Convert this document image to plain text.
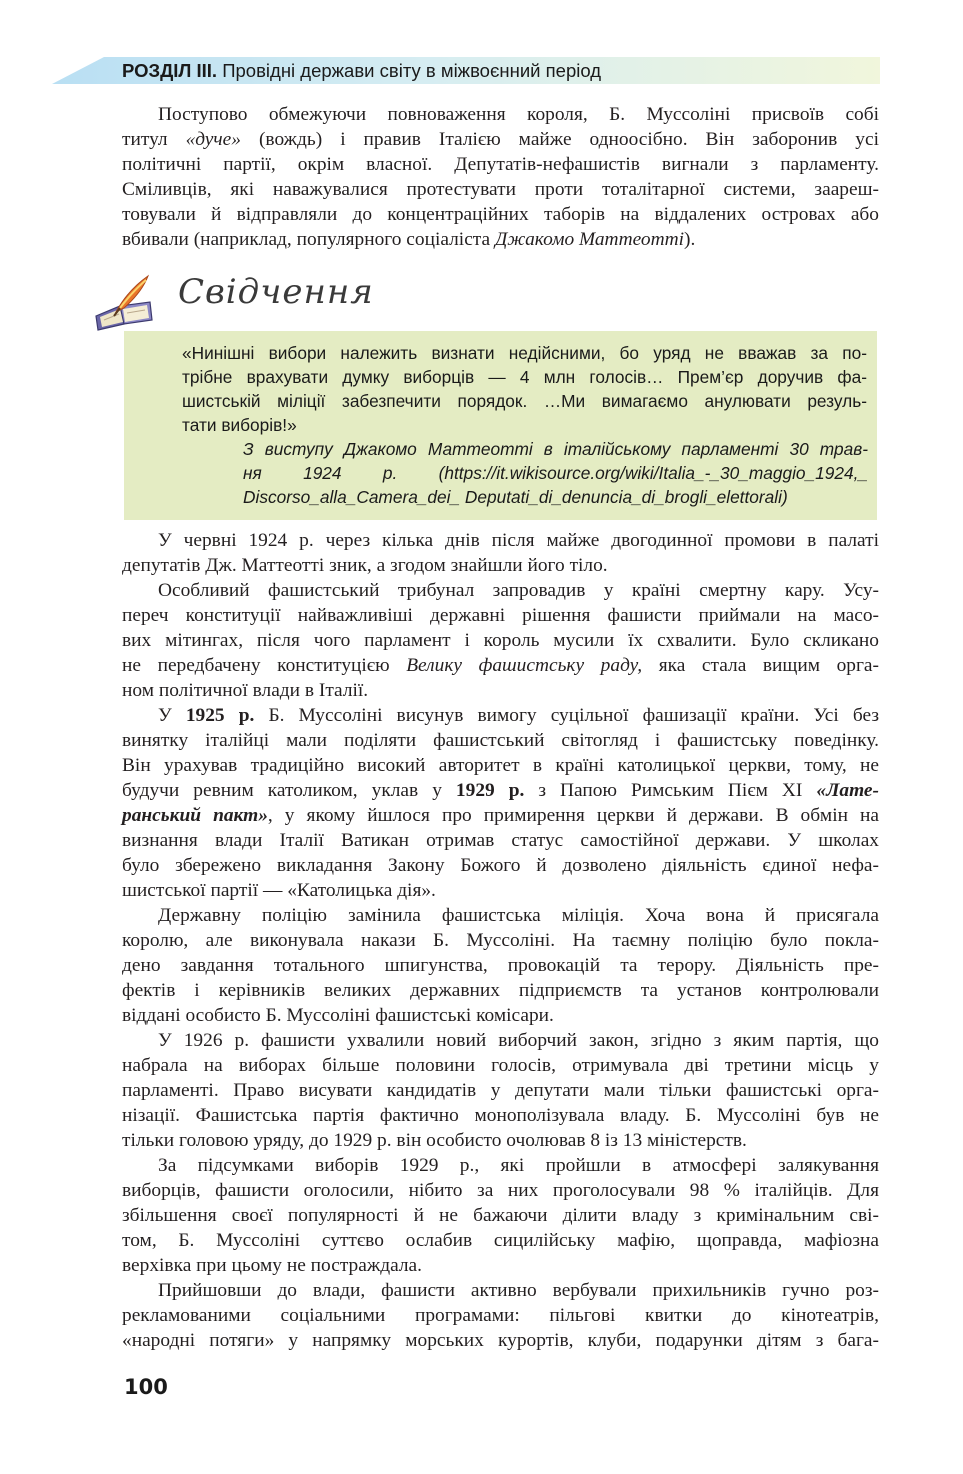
РОЗДІЛ ІІІ. Провідні держави світу в міжвоєнний період
Поступово обмежуючи повноваження короля, Б. Муссоліні присвоїв собі
титул «дуче» (вождь) і правив Італією майже одноосібно. Він заборонив усі
політичні партії, окрім власної. Депутатів-нефашистів вигнали з парламенту.
Сміливців, які наважувалися протестувати проти тоталітарної системи, заареш-
товували й відправляли до концентраційних таборів на віддалених островах або
вбивали (наприклад, популярного соціаліста Джакомо Маттеотті).
Свідчення
«Нинішні вибори належить визнати недійсними, бо уряд не вважав за по-
трібне врахувати думку виборців — 4 млн голосів… Прем’єр доручив фа-
шистській міліції забезпечити порядок. …Ми вимагаємо анулювати резуль-
тати виборів!»
З виступу Джакомо Маттеотті в італійському парламенті 30 трав-
ня 1924 р. (https://it.wikisource.org/wiki/Italia_-_30_maggio_1924,_
Discorso_alla_Camera_dei_ Deputati_di_denuncia_di_brogli_elettorali)
У червні 1924 р. через кілька днів після майже двогодинної промови в палаті
депутатів Дж. Маттеотті зник, а згодом знайшли його тіло.
Особливий фашистський трибунал запровадив у країні смертну кару. Усу-
переч конституції найважливіші державні рішення фашисти приймали на масо-
вих мітингах, після чого парламент і король мусили їх схвалити. Було скликано
не передбачену конституцією Велику фашистську раду, яка стала вищим орга-
ном політичної влади в Італії.
У 1925 р. Б. Муссоліні висунув вимогу суцільної фашизації країни. Усі без
винятку італійці мали поділяти фашистський світогляд і фашистську поведінку.
Він урахував традиційно високий авторитет в країні католицької церкви, тому, не
будучи ревним католиком, уклав у 1929 р. з Папою Римським Пієм XI «Лате-
ранський пакт», у якому йшлося про примирення церкви й держави. В обмін на
визнання влади Італії Ватикан отримав статус самостійної держави. У школах
було збережено викладання Закону Божого й дозволено діяльність єдиної нефа-
шистської партії — «Католицька дія».
Державну поліцію замінила фашистська міліція. Хоча вона й присягала
королю, але виконувала накази Б. Муссоліні. На таємну поліцію було покла-
дено завдання тотального шпигунства, провокацій та терору. Діяльність пре-
фектів і керівників великих державних підприємств та установ контролювали
віддані особисто Б. Муссоліні фашистські комісари.
У 1926 р. фашисти ухвалили новий виборчий закон, згідно з яким партія, що
набрала на виборах більше половини голосів, отримувала дві третини місць у
парламенті. Право висувати кандидатів у депутати мали тільки фашистські орга-
нізації. Фашистська партія фактично монополізувала владу. Б. Муссоліні був не
тільки головою уряду, до 1929 р. він особисто очолював 8 із 13 міністерств.
За підсумками виборів 1929 р., які пройшли в атмосфері залякування
виборців, фашисти оголосили, нібито за них проголосували 98 % італійців. Для
збільшення своєї популярності й не бажаючи ділити владу з кримінальним сві-
том, Б. Муссоліні суттєво ослабив сицилійську мафію, щоправда, мафіозна
верхівка при цьому не постраждала.
Прийшовши до влади, фашисти активно вербували прихильників гучно роз-
рекламованими соціальними програмами: пільгові квитки до кінотеатрів,
«народні потяги» у напрямку морських курортів, клуби, подарунки дітям з бага-
100
